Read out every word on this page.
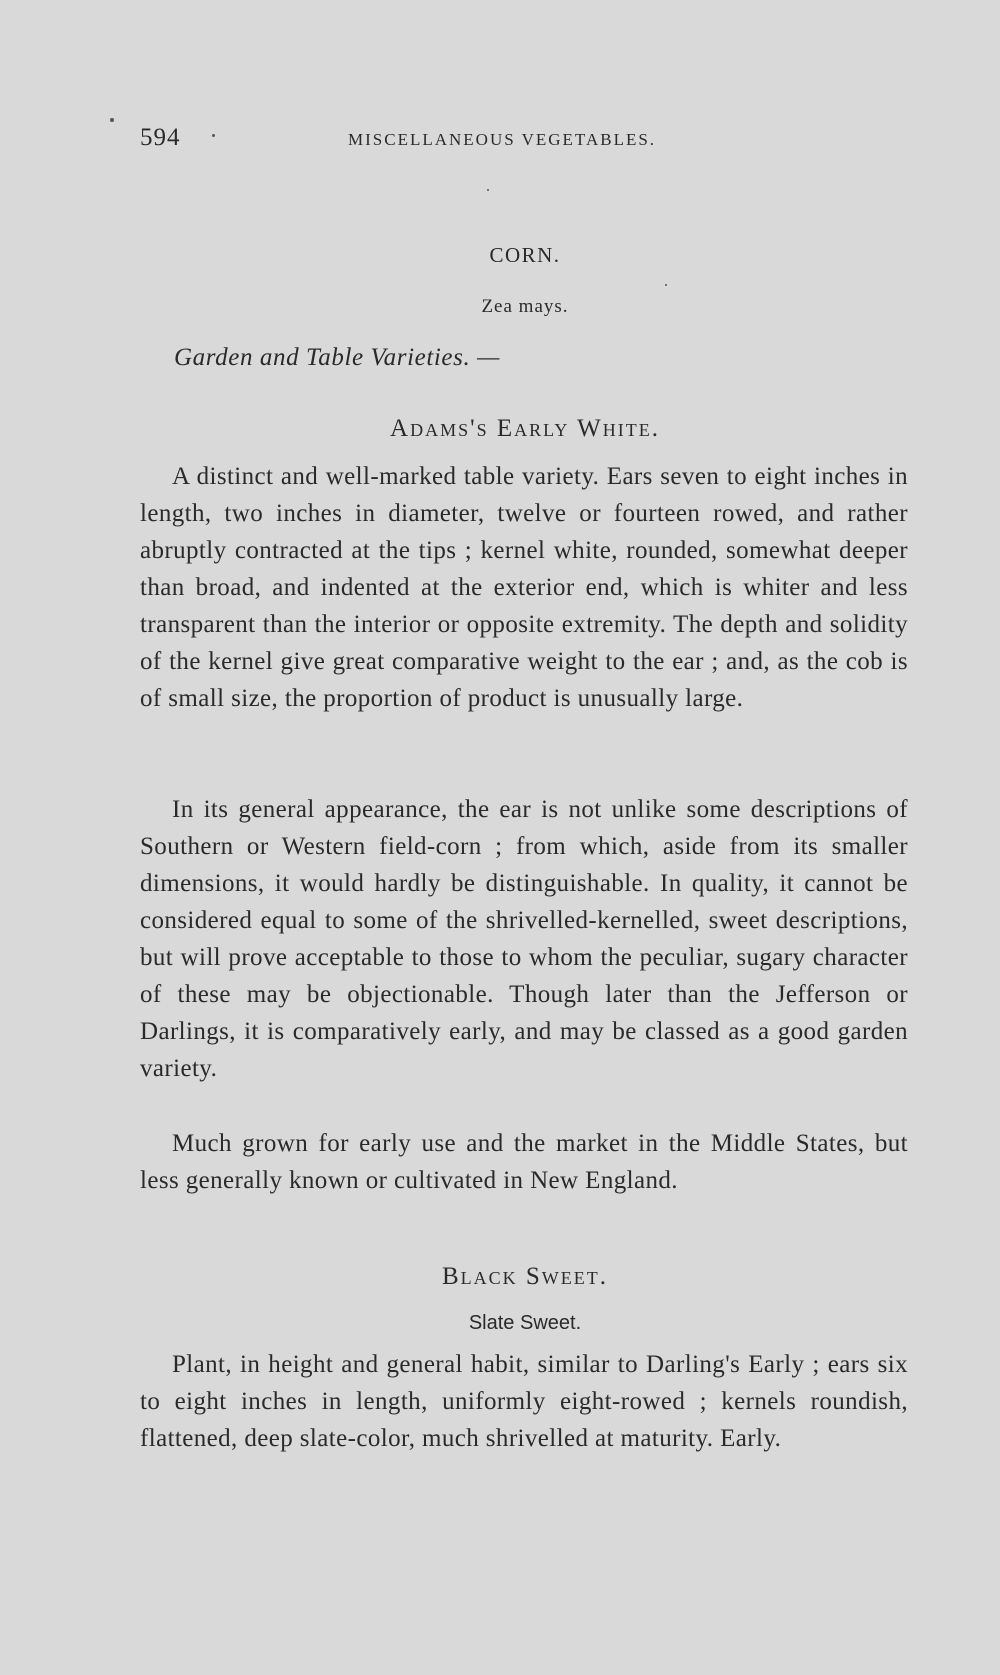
594	MISCELLANEOUS VEGETABLES.
CORN.
Zea mays.
Garden and Table Varieties. —
Adams's Early White.

A distinct and well-marked table variety. Ears seven to eight inches in length, two inches in diameter, twelve or fourteen rowed, and rather abruptly contracted at the tips ; kernel white, rounded, somewhat deeper than broad, and indented at the exterior end, which is whiter and less transparent than the interior or opposite extremity. The depth and solidity of the kernel give great comparative weight to the ear ; and, as the cob is of small size, the proportion of product is unusually large.

In its general appearance, the ear is not unlike some descriptions of Southern or Western field-corn ; from which, aside from its smaller dimensions, it would hardly be distinguishable. In quality, it cannot be considered equal to some of the shrivelled-kernelled, sweet descriptions, but will prove acceptable to those to whom the peculiar, sugary character of these may be objectionable. Though later than the Jefferson or Darlings, it is comparatively early, and may be classed as a good garden variety.

Much grown for early use and the market in the Middle States, but less generally known or cultivated in New England.

Black Sweet.
Slate Sweet.

Plant, in height and general habit, similar to Darling's Early ; ears six to eight inches in length, uniformly eight-rowed ; kernels roundish, flattened, deep slate-color, much shrivelled at maturity. Early.
